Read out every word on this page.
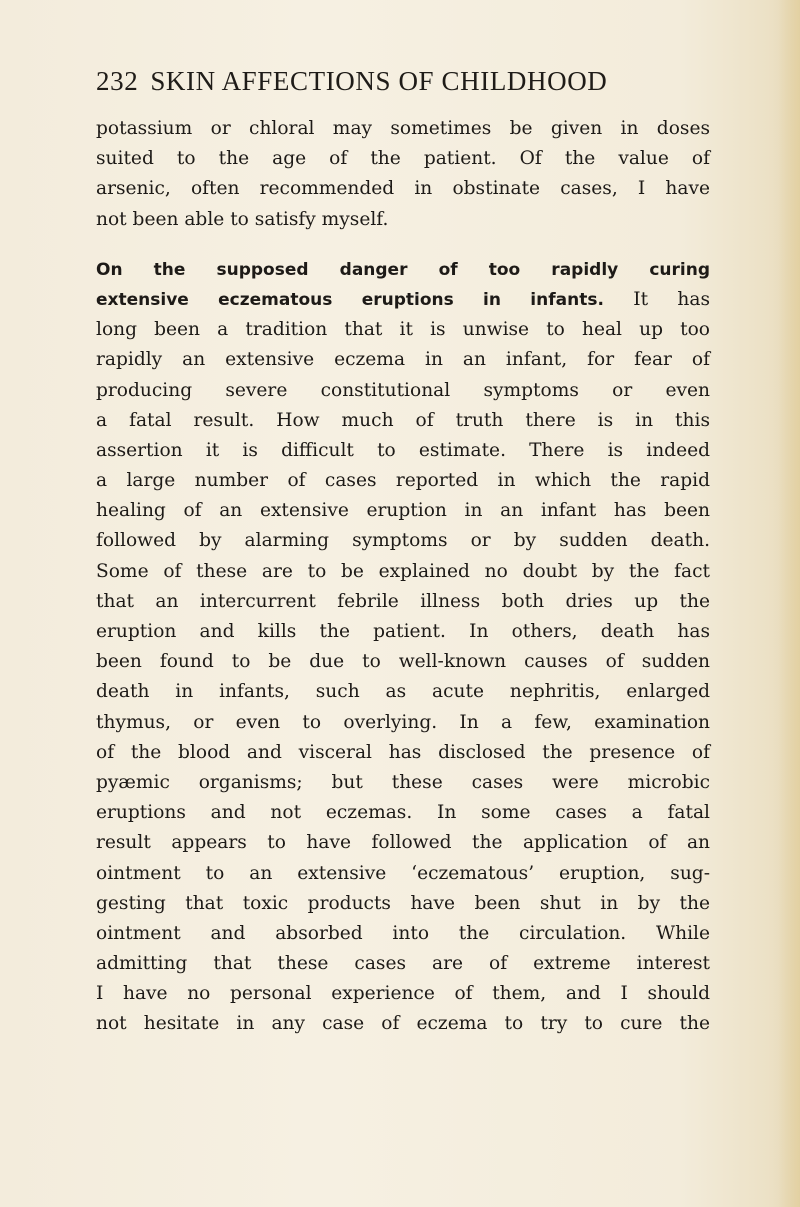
232 SKIN AFFECTIONS OF CHILDHOOD
potassium or chloral may sometimes be given in doses
suited to the age of the patient. Of the value of
arsenic, often recommended in obstinate cases, I have
not been able to satisfy myself.
On the supposed danger of too rapidly curing
extensive eczematous eruptions in infants. It has
long been a tradition that it is unwise to heal up too
rapidly an extensive eczema in an infant, for fear of
producing severe constitutional symptoms or even
a fatal result. How much of truth there is in this
assertion it is difficult to estimate. There is indeed
a large number of cases reported in which the rapid
healing of an extensive eruption in an infant has been
followed by alarming symptoms or by sudden death.
Some of these are to be explained no doubt by the fact
that an intercurrent febrile illness both dries up the
eruption and kills the patient. In others, death has
been found to be due to well-known causes of sudden
death in infants, such as acute nephritis, enlarged
thymus, or even to overlying. In a few, examination
of the blood and visceral has disclosed the presence of
pyæmic organisms; but these cases were microbic
eruptions and not eczemas. In some cases a fatal
result appears to have followed the application of an
ointment to an extensive ‘eczematous’ eruption, sug-
gesting that toxic products have been shut in by the
ointment and absorbed into the circulation. While
admitting that these cases are of extreme interest
I have no personal experience of them, and I should
not hesitate in any case of eczema to try to cure the
